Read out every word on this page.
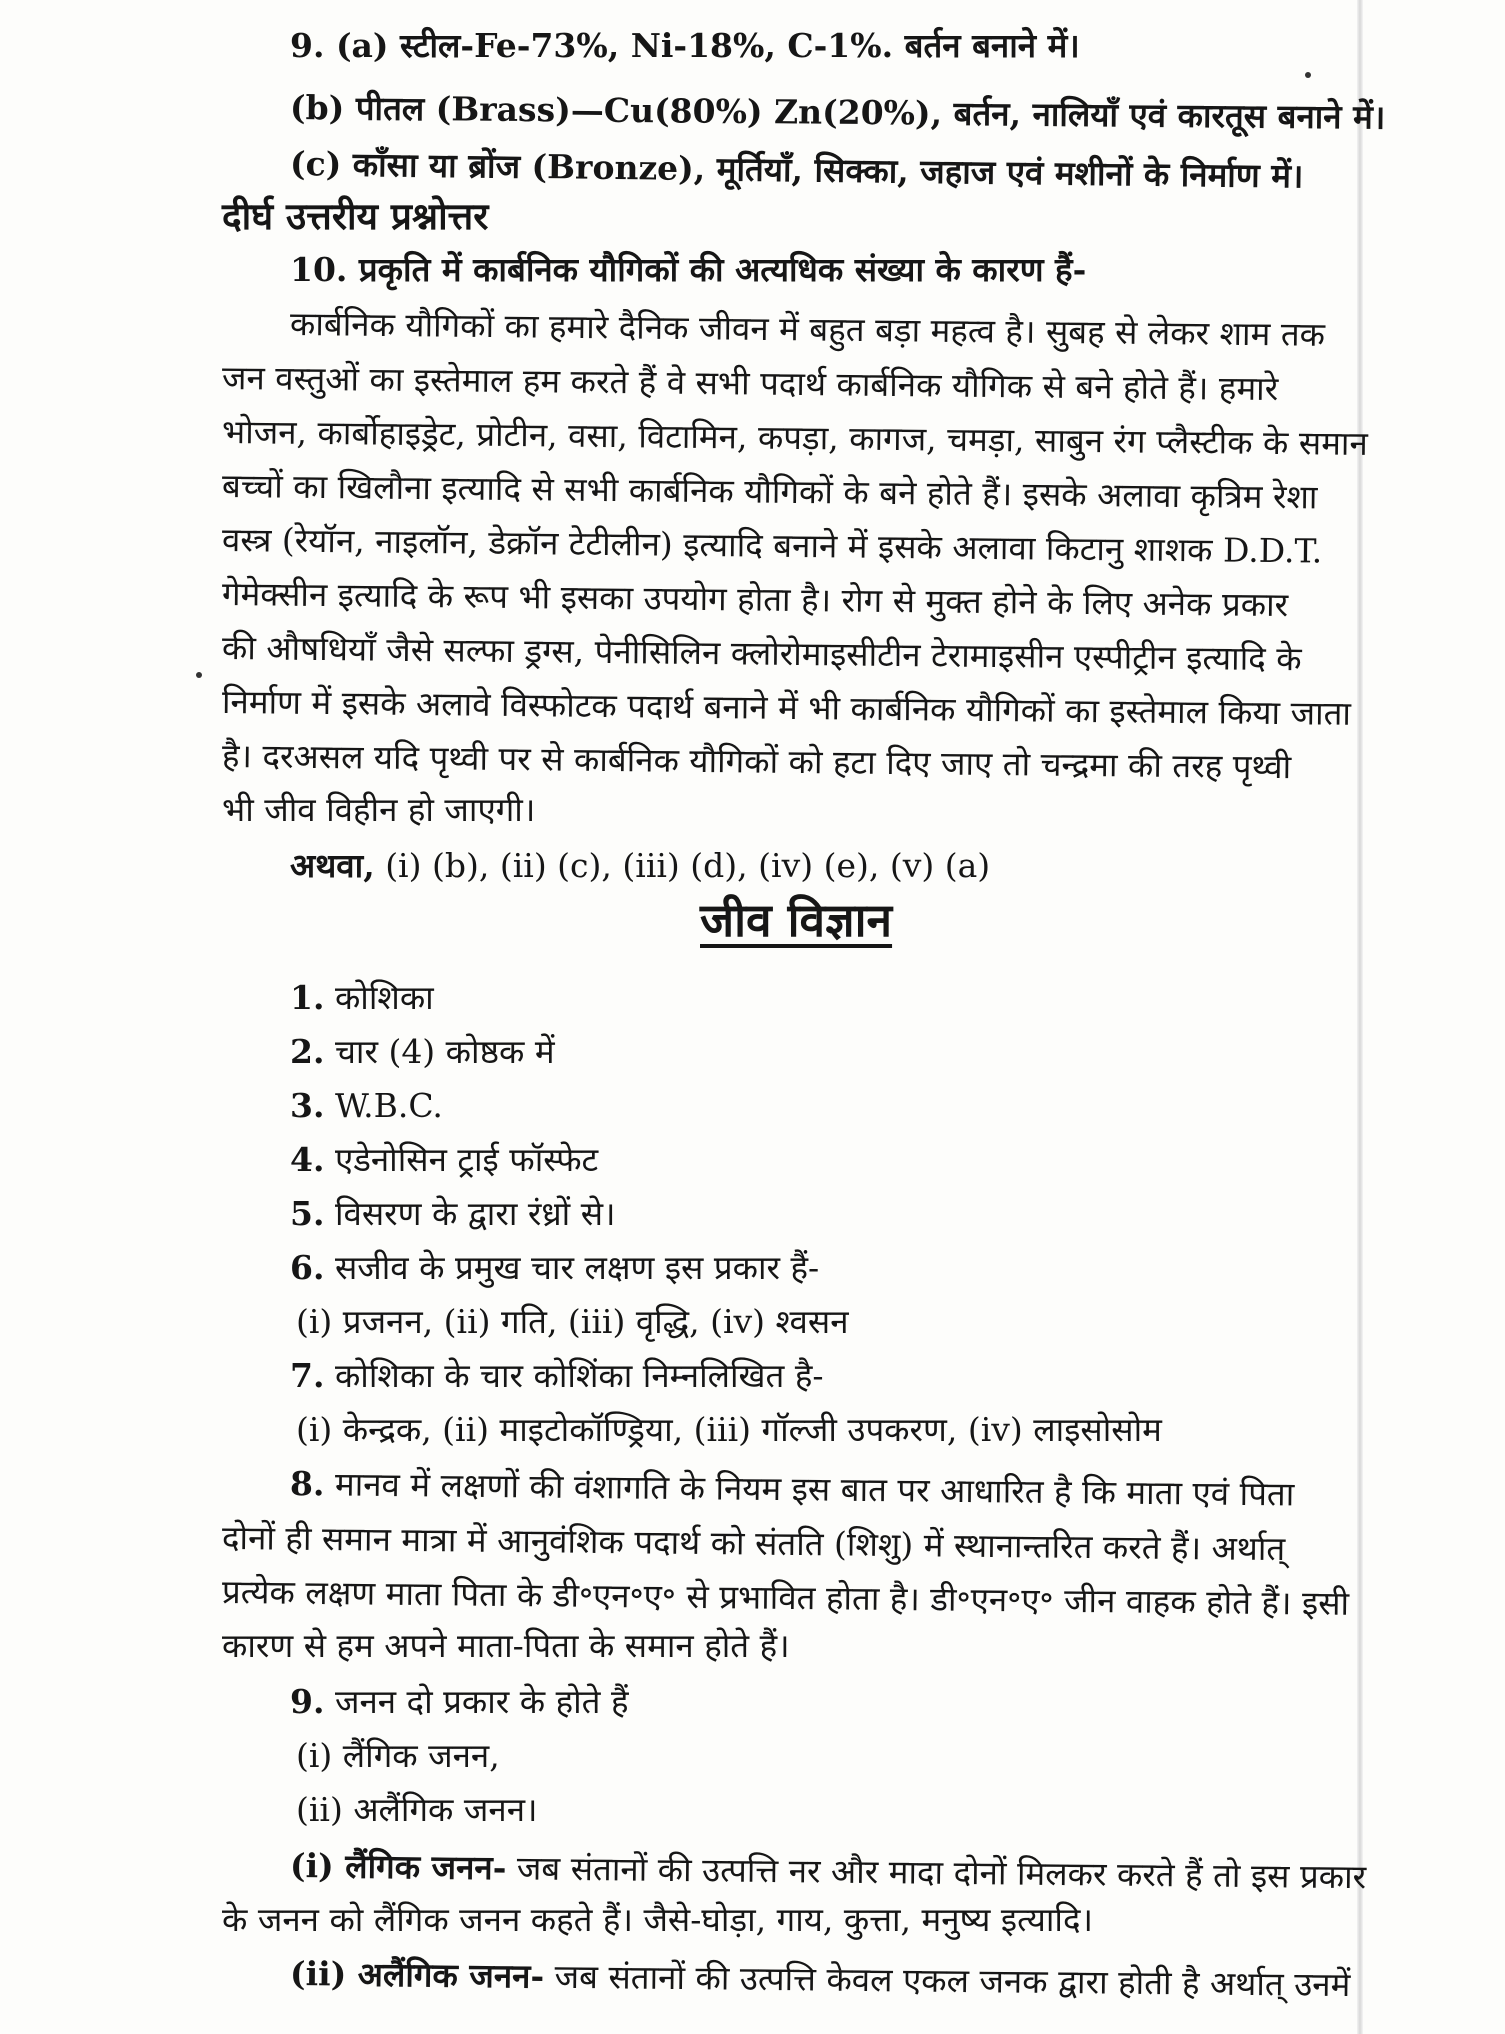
9. (a) स्टील-Fe-73%, Ni-18%, C-1%. बर्तन बनाने में।
(b) पीतल (Brass)—Cu(80%) Zn(20%), बर्तन, नालियाँ एवं कारतूस बनाने में।
(c) काँसा या ब्रोंज (Bronze), मूर्तियाँ, सिक्का, जहाज एवं मशीनों के निर्माण में।
दीर्घ उत्तरीय प्रश्नोत्तर
10. प्रकृति में कार्बनिक यौगिकों की अत्यधिक संख्या के कारण हैं-
कार्बनिक यौगिकों का हमारे दैनिक जीवन में बहुत बड़ा महत्व है। सुबह से लेकर शाम तक
जन वस्तुओं का इस्तेमाल हम करते हैं वे सभी पदार्थ कार्बनिक यौगिक से बने होते हैं। हमारे
भोजन, कार्बोहाइड्रेट, प्रोटीन, वसा, विटामिन, कपड़ा, कागज, चमड़ा, साबुन रंग प्लैस्टीक के समान
बच्चों का खिलौना इत्यादि से सभी कार्बनिक यौगिकों के बने होते हैं। इसके अलावा कृत्रिम रेशा
वस्त्र (रेयॉन, नाइलॉन, डेक्रॉन टेटीलीन) इत्यादि बनाने में इसके अलावा किटानु शाशक D.D.T.
गेमेक्सीन इत्यादि के रूप भी इसका उपयोग होता है। रोग से मुक्त होने के लिए अनेक प्रकार
की औषधियाँ जैसे सल्फा ड्रग्स, पेनीसिलिन क्लोरोमाइसीटीन टेरामाइसीन एस्पीट्रीन इत्यादि के
निर्माण में इसके अलावे विस्फोटक पदार्थ बनाने में भी कार्बनिक यौगिकों का इस्तेमाल किया जाता
है। दरअसल यदि पृथ्वी पर से कार्बनिक यौगिकों को हटा दिए जाए तो चन्द्रमा की तरह पृथ्वी
भी जीव विहीन हो जाएगी।
अथवा, (i) (b), (ii) (c), (iii) (d), (iv) (e), (v) (a)
जीव विज्ञान
1. कोशिका
2. चार (4) कोष्ठक में
3. W.B.C.
4. एडेनोसिन ट्राई फॉस्फेट
5. विसरण के द्वारा रंध्रों से।
6. सजीव के प्रमुख चार लक्षण इस प्रकार हैं-
(i) प्रजनन, (ii) गति, (iii) वृद्धि, (iv) श्वसन
7. कोशिका के चार कोशिंका निम्नलिखित है-
(i) केन्द्रक, (ii) माइटोकॉण्ड्रिया, (iii) गॉल्जी उपकरण, (iv) लाइसोसोम
8. मानव में लक्षणों की वंशागति के नियम इस बात पर आधारित है कि माता एवं पिता
दोनों ही समान मात्रा में आनुवंशिक पदार्थ को संतति (शिशु) में स्थानान्तरित करते हैं। अर्थात्
प्रत्येक लक्षण माता पिता के डी॰एन॰ए॰ से प्रभावित होता है। डी॰एन॰ए॰ जीन वाहक होते हैं। इसी
कारण से हम अपने माता-पिता के समान होते हैं।
9. जनन दो प्रकार के होते हैं
(i) लैंगिक जनन,
(ii) अलैंगिक जनन।
(i) लैंगिक जनन- जब संतानों की उत्पत्ति नर और मादा दोनों मिलकर करते हैं तो इस प्रकार
के जनन को लैंगिक जनन कहते हैं। जैसे-घोड़ा, गाय, कुत्ता, मनुष्य इत्यादि।
(ii) अलैंगिक जनन- जब संतानों की उत्पत्ति केवल एकल जनक द्वारा होती है अर्थात् उनमें
